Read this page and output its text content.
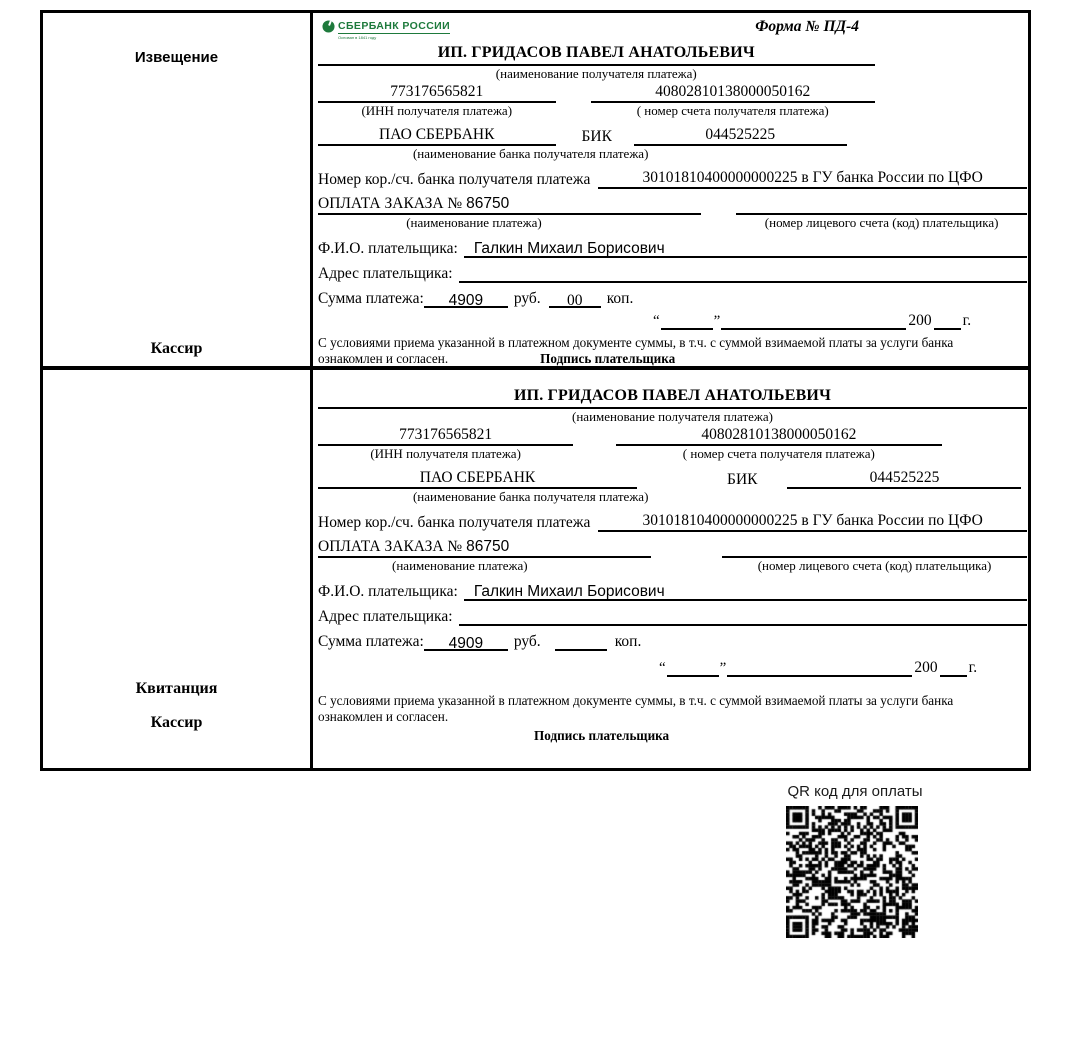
Извещение
Кассир
СБЕРБАНК РОССИИ
Основан в 1841 году
Форма № ПД-4
ИП. ГРИДАСОВ ПАВЕЛ АНАТОЛЬЕВИЧ
(наименование получателя платежа)
773176565821	40802810138000050162
(ИНН получателя платежа)	( номер счета получателя платежа)
ПАО СБЕРБАНК	БИК	044525225
(наименование банка получателя платежа)
Номер кор./сч. банка получателя платежа	30101810400000000225 в ГУ банка России по ЦФО
ОПЛАТА ЗАКАЗА № 86750

(наименование платежа)	(номер лицевого счета (код) плательщика)
Ф.И.О. плательщика:	Галкин Михаил Борисович
Адрес плательщика:
Сумма платежа:	4909	руб.	00	коп.
“	”	200 г.
С условиями приема указанной в платежном документе суммы, в т.ч. с суммой взимаемой платы за услуги банка
ознакомлен и согласен.	Подпись плательщика
Квитанция
Кассир
ИП. ГРИДАСОВ ПАВЕЛ АНАТОЛЬЕВИЧ
(наименование получателя платежа)
773176565821	40802810138000050162
(ИНН получателя платежа)	( номер счета получателя платежа)
ПАО СБЕРБАНК	БИК	044525225
(наименование банка получателя платежа)
Номер кор./сч. банка получателя платежа	30101810400000000225 в ГУ банка России по ЦФО
ОПЛАТА ЗАКАЗА № 86750

(наименование платежа)	(номер лицевого счета (код) плательщика)
Ф.И.О. плательщика:	Галкин Михаил Борисович
Адрес плательщика:
Сумма платежа:	4909	руб.	коп.
“	”	200 г.
С условиями приема указанной в платежном документе суммы, в т.ч. с суммой взимаемой платы за услуги банка
ознакомлен и согласен.
Подпись плательщика
QR код для оплаты
